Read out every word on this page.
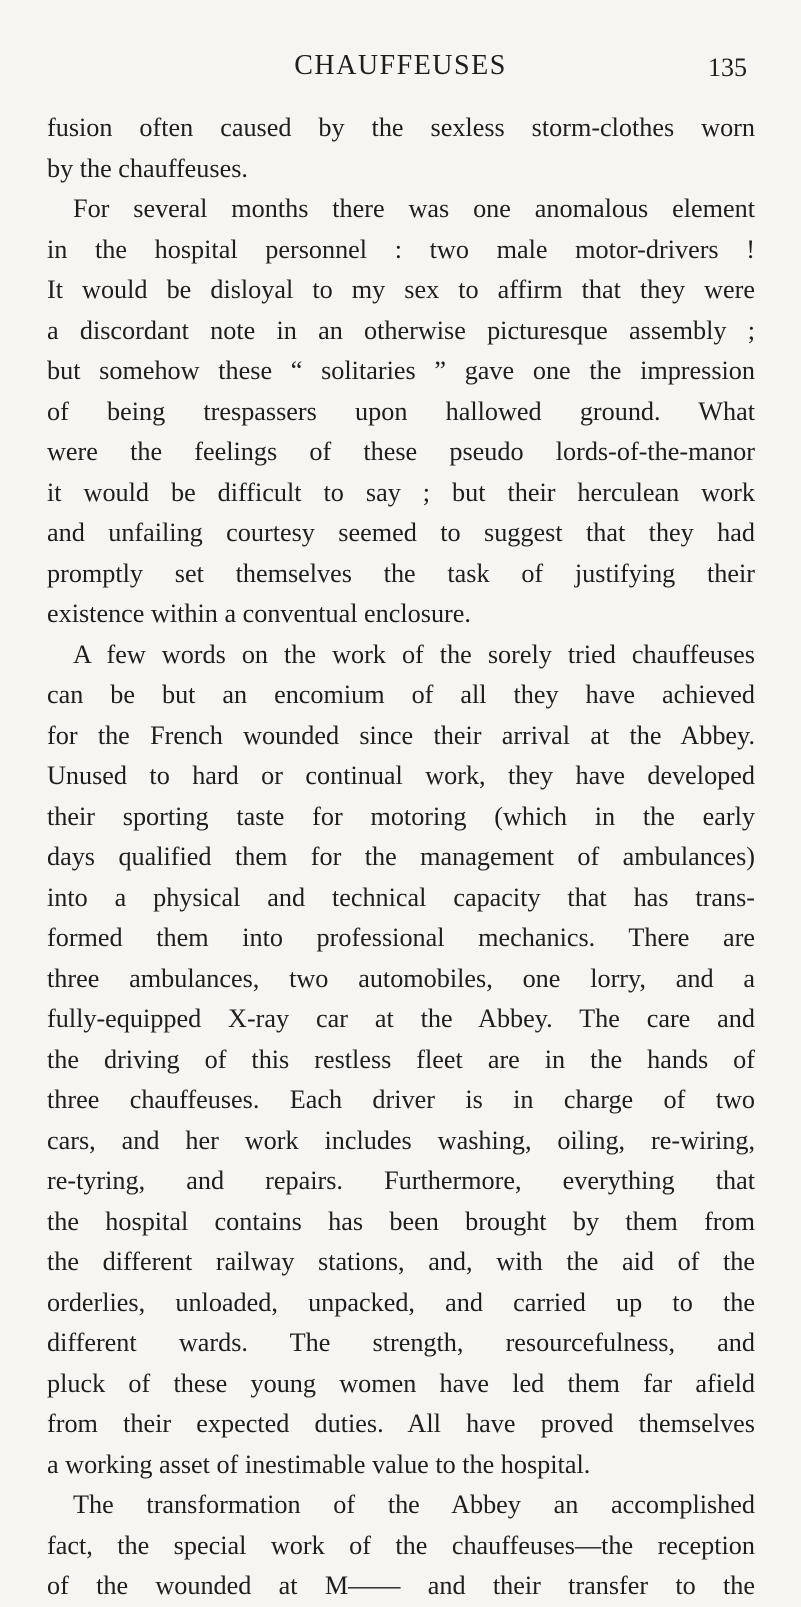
CHAUFFEUSES	135
fusion often caused by the sexless storm-clothes worn
by the chauffeuses.
For several months there was one anomalous element
in the hospital personnel : two male motor-drivers !
It would be disloyal to my sex to affirm that they were
a discordant note in an otherwise picturesque assembly ;
but somehow these “ solitaries ” gave one the impression
of being trespassers upon hallowed ground. What
were the feelings of these pseudo lords-of-the-manor
it would be difficult to say ; but their herculean work
and unfailing courtesy seemed to suggest that they had
promptly set themselves the task of justifying their
existence within a conventual enclosure.
A few words on the work of the sorely tried chauffeuses
can be but an encomium of all they have achieved
for the French wounded since their arrival at the Abbey.
Unused to hard or continual work, they have developed
their sporting taste for motoring (which in the early
days qualified them for the management of ambulances)
into a physical and technical capacity that has trans-
formed them into professional mechanics. There are
three ambulances, two automobiles, one lorry, and a
fully-equipped X-ray car at the Abbey. The care and
the driving of this restless fleet are in the hands of
three chauffeuses. Each driver is in charge of two
cars, and her work includes washing, oiling, re-wiring,
re-tyring, and repairs. Furthermore, everything that
the hospital contains has been brought by them from
the different railway stations, and, with the aid of the
orderlies, unloaded, unpacked, and carried up to the
different wards. The strength, resourcefulness, and
pluck of these young women have led them far afield
from their expected duties. All have proved themselves
a working asset of inestimable value to the hospital.
The transformation of the Abbey an accomplished
fact, the special work of the chauffeuses—the reception
of the wounded at M—— and their transfer to the
